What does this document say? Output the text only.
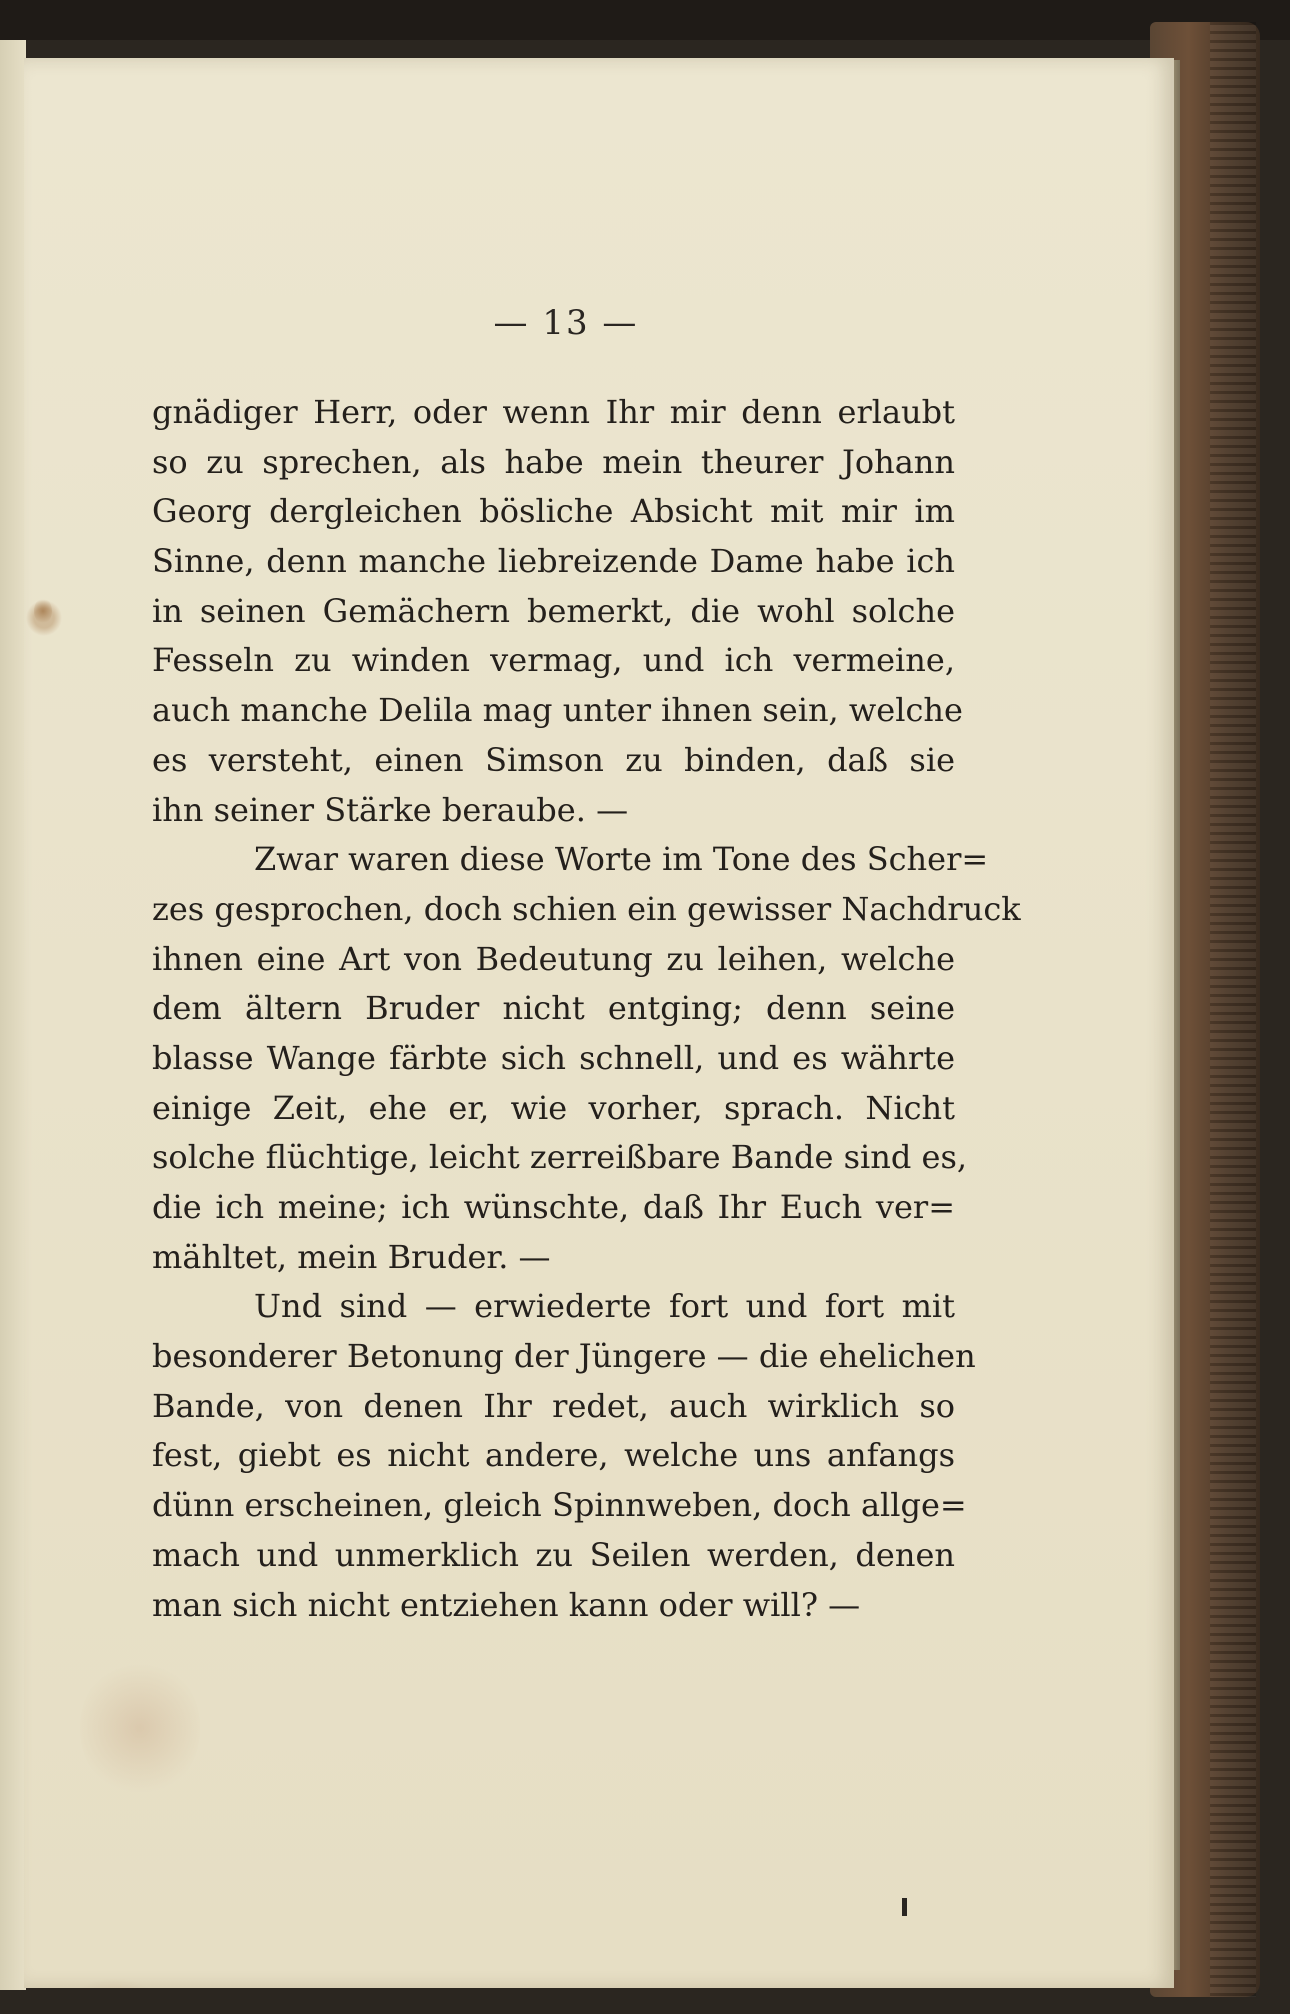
— 13 —
gnädiger Herr, oder wenn Ihr mir denn erlaubt
so zu sprechen, als habe mein theurer Johann
Georg dergleichen bösliche Absicht mit mir im
Sinne, denn manche liebreizende Dame habe ich
in seinen Gemächern bemerkt, die wohl solche
Fesseln zu winden vermag, und ich vermeine,
auch manche Delila mag unter ihnen sein, welche
es versteht, einen Simson zu binden, daß sie
ihn seiner Stärke beraube. —
Zwar waren diese Worte im Tone des Scher=
zes gesprochen, doch schien ein gewisser Nachdruck
ihnen eine Art von Bedeutung zu leihen, welche
dem ältern Bruder nicht entging; denn seine
blasse Wange färbte sich schnell, und es währte
einige Zeit, ehe er, wie vorher, sprach. Nicht
solche flüchtige, leicht zerreißbare Bande sind es,
die ich meine; ich wünschte, daß Ihr Euch ver=
mähltet, mein Bruder. —
Und sind — erwiederte fort und fort mit
besonderer Betonung der Jüngere — die ehelichen
Bande, von denen Ihr redet, auch wirklich so
fest, giebt es nicht andere, welche uns anfangs
dünn erscheinen, gleich Spinnweben, doch allge=
mach und unmerklich zu Seilen werden, denen
man sich nicht entziehen kann oder will? —
